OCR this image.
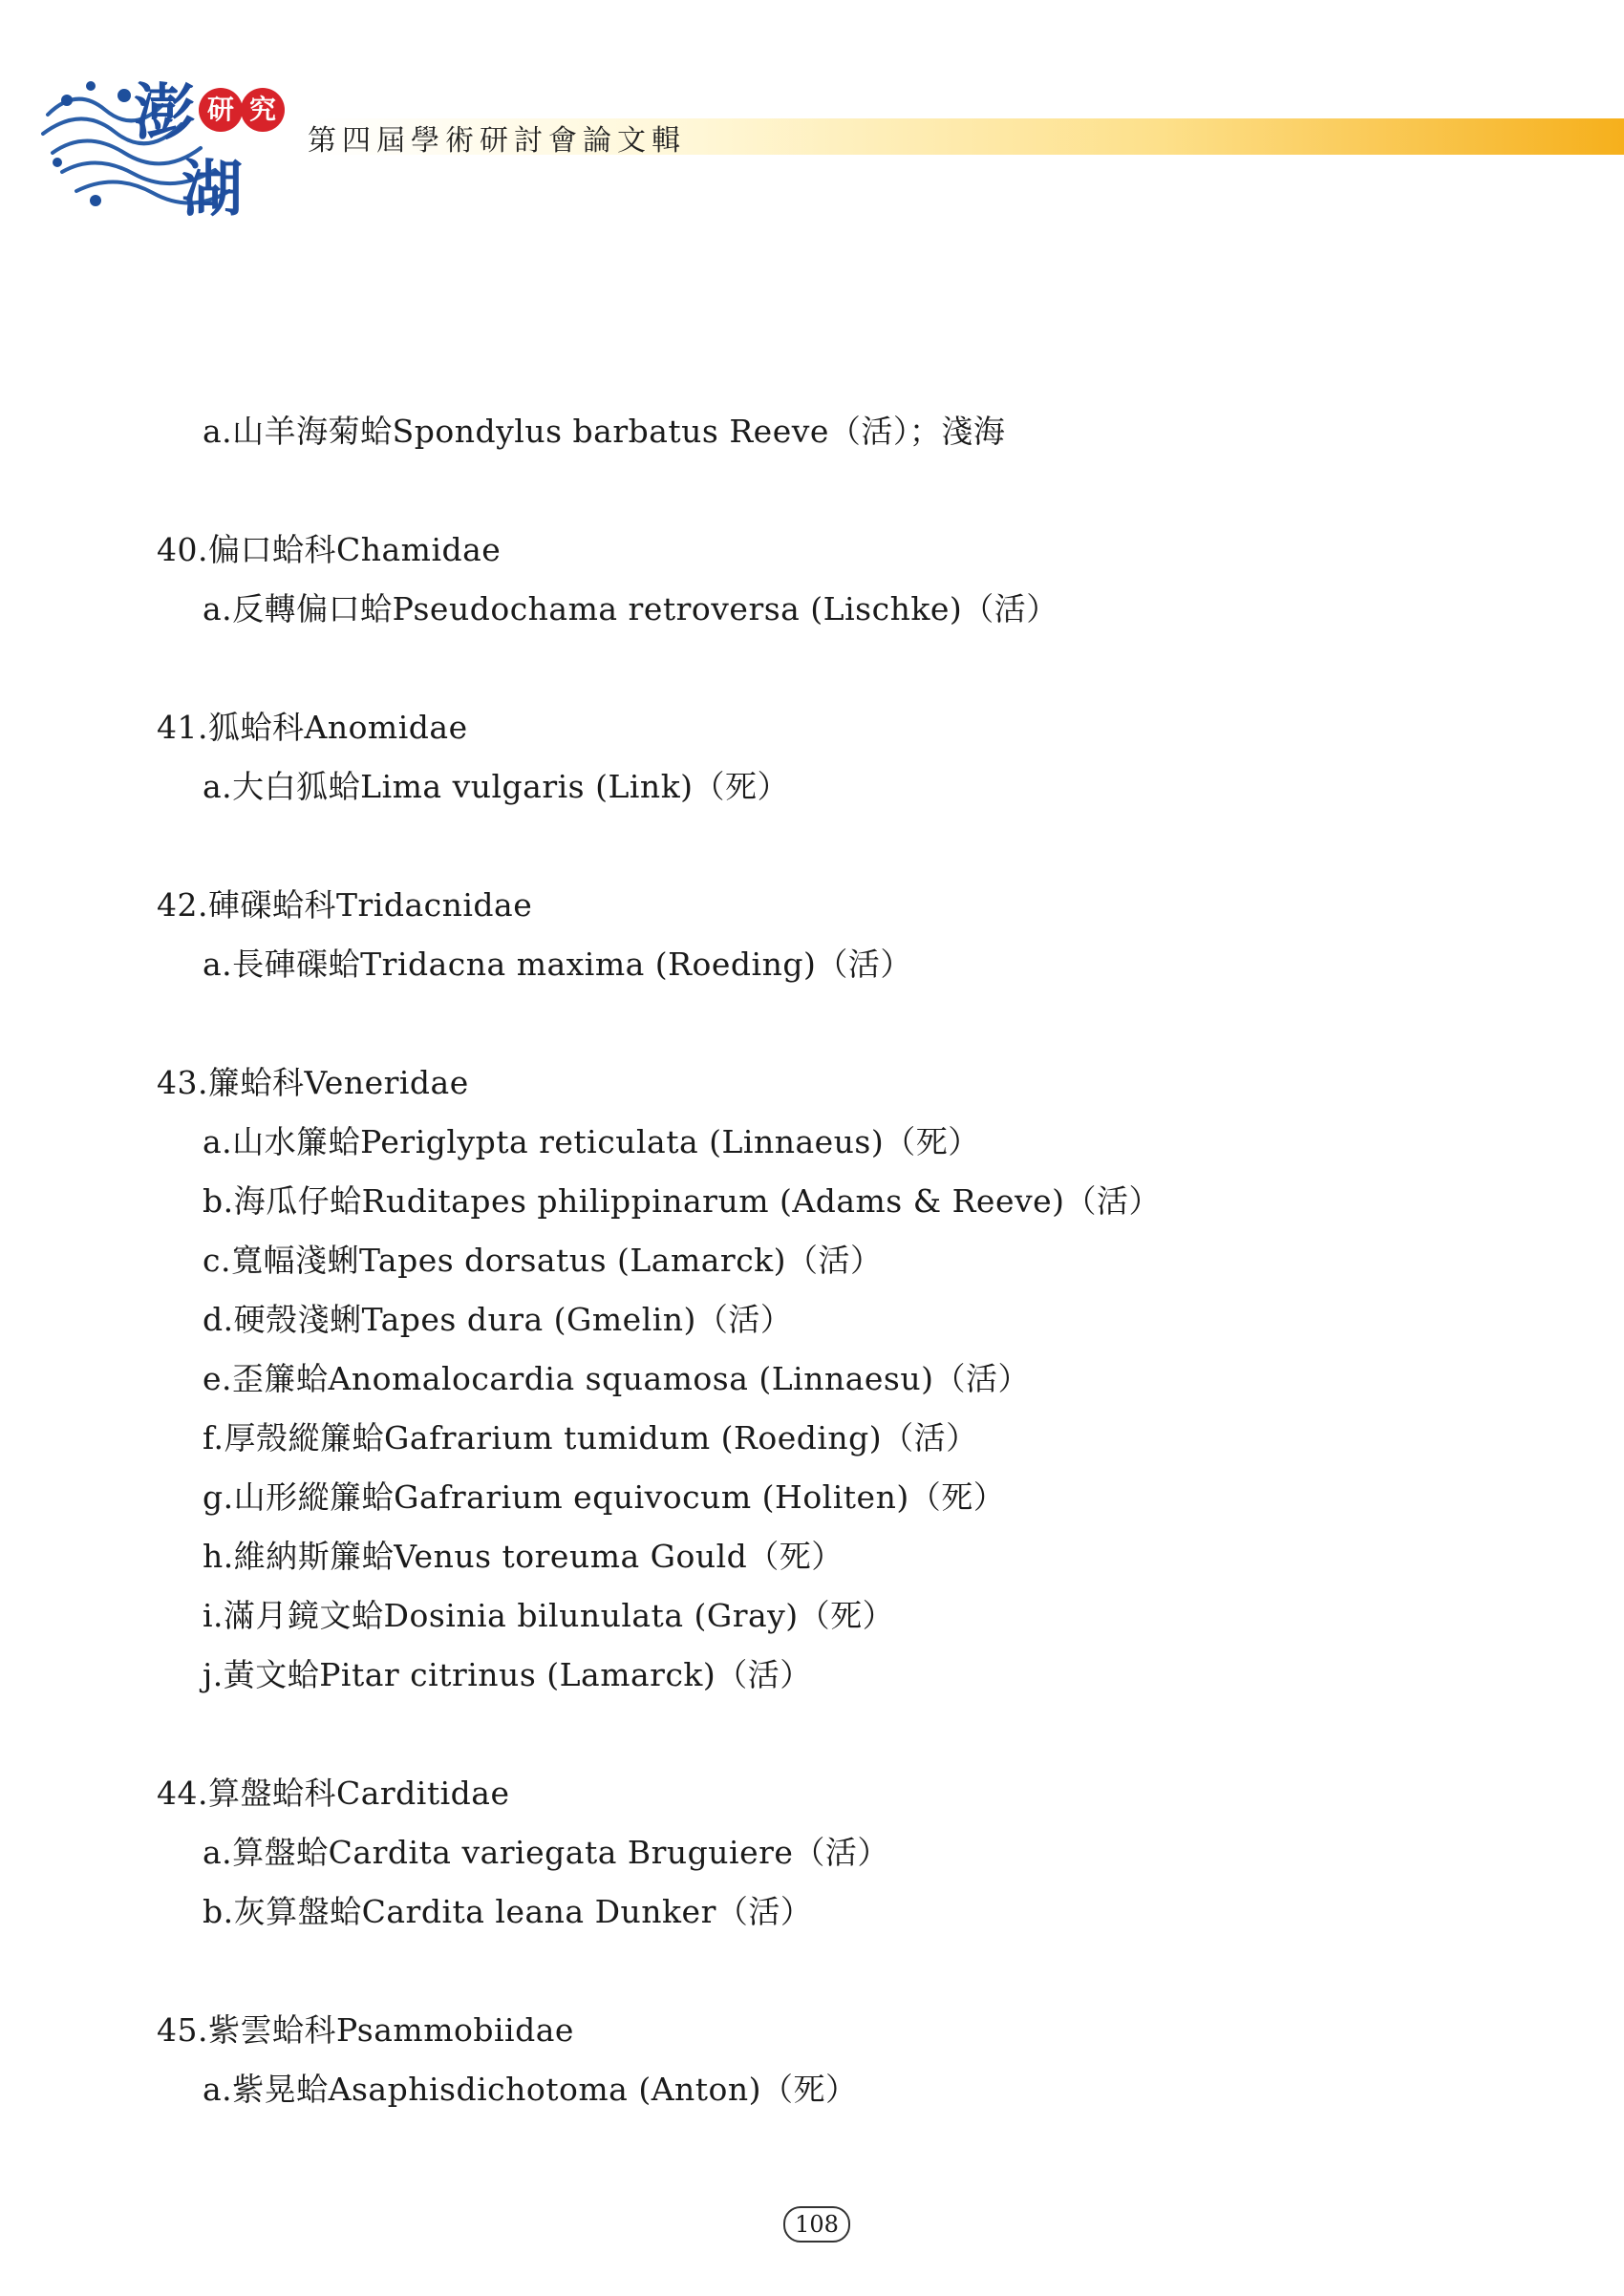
澎
湖
研 究
第四屆學術研討會論文輯
a.山羊海菊蛤Spondylus barbatus Reeve（活）；淺海
40.偏口蛤科Chamidae
a.反轉偏口蛤Pseudochama retroversa (Lischke)（活）
41.狐蛤科Anomidae
a.大白狐蛤Lima vulgaris (Link)（死）
42.硨磲蛤科Tridacnidae
a.長硨磲蛤Tridacna maxima (Roeding)（活）
43.簾蛤科Veneridae
a.山水簾蛤Periglypta reticulata (Linnaeus)（死）
b.海瓜仔蛤Ruditapes philippinarum (Adams & Reeve)（活）
c.寬幅淺蜊Tapes dorsatus (Lamarck)（活）
d.硬殼淺蜊Tapes dura (Gmelin)（活）
e.歪簾蛤Anomalocardia squamosa (Linnaesu)（活）
f.厚殼縱簾蛤Gafrarium tumidum (Roeding)（活）
g.山形縱簾蛤Gafrarium equivocum (Holiten)（死）
h.維納斯簾蛤Venus toreuma Gould（死）
i.滿月鏡文蛤Dosinia bilunulata (Gray)（死）
j.黃文蛤Pitar citrinus (Lamarck)（活）
44.算盤蛤科Carditidae
a.算盤蛤Cardita variegata Bruguiere（活）
b.灰算盤蛤Cardita leana Dunker（活）
45.紫雲蛤科Psammobiidae
a.紫晃蛤Asaphisdichotoma (Anton)（死）
108
